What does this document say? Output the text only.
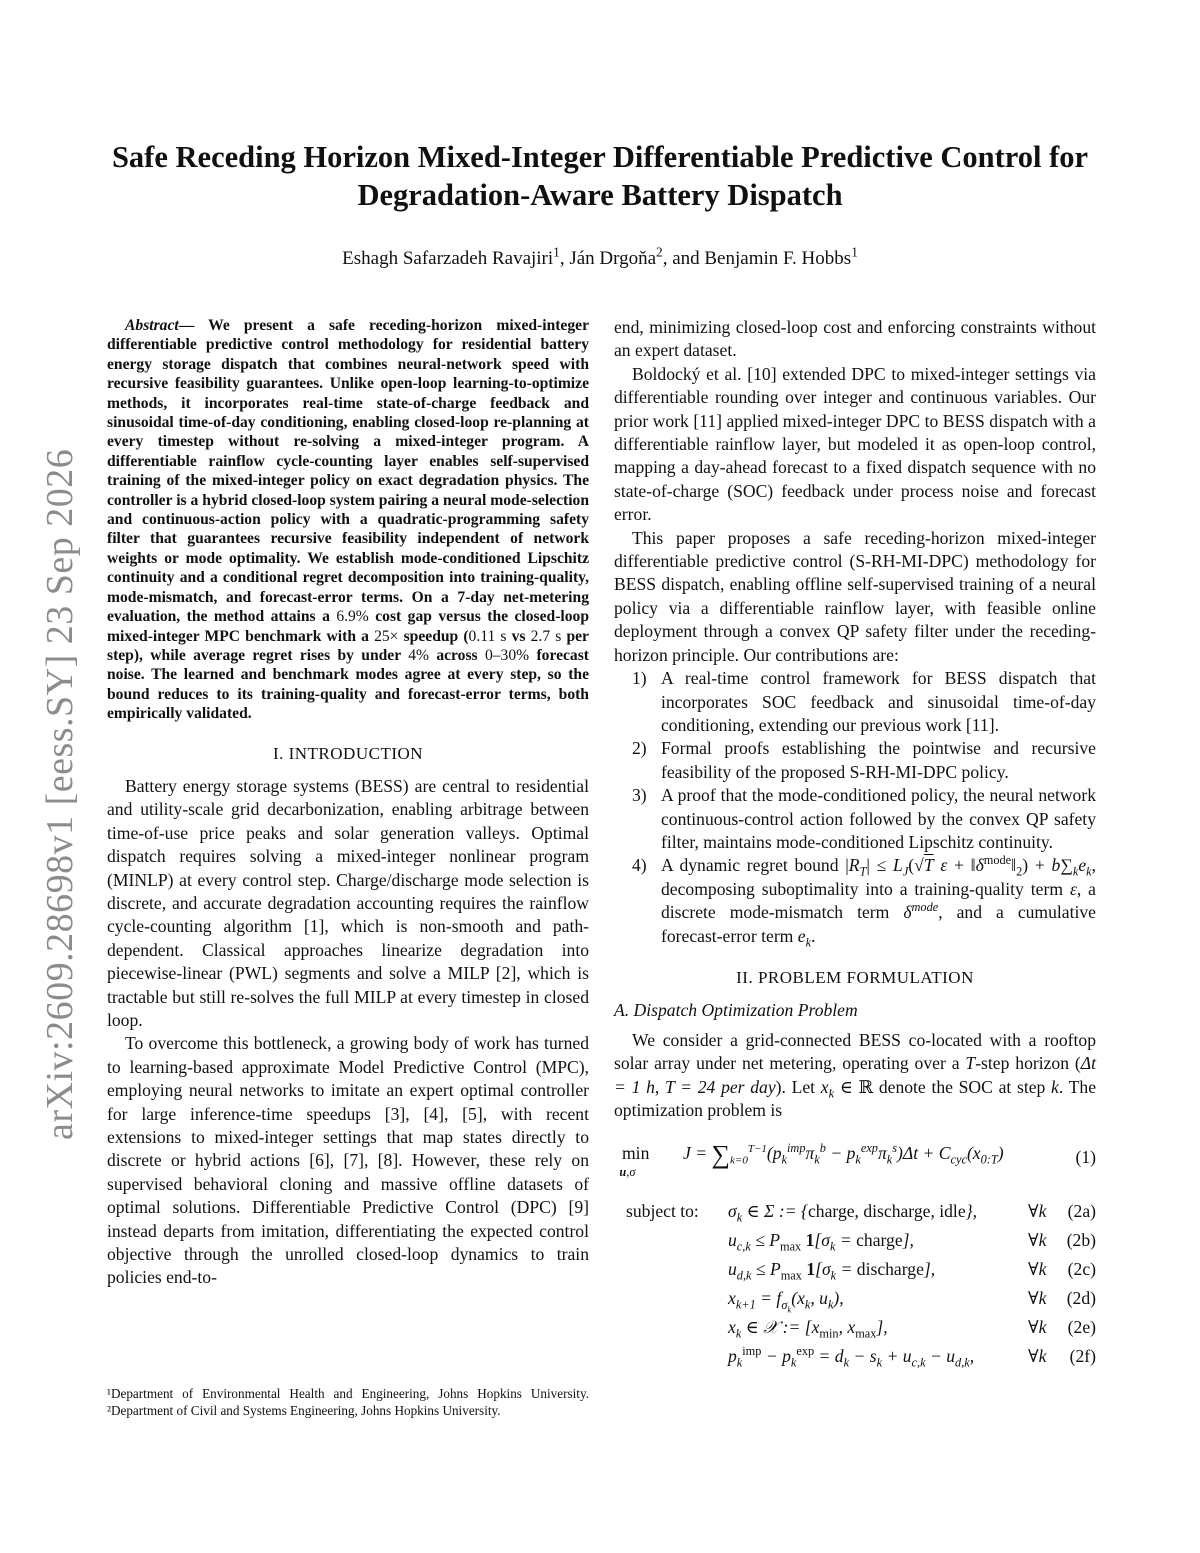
arXiv:2609.28698v1 [eess.SY] 23 Sep 2026
Safe Receding Horizon Mixed-Integer Differentiable Predictive Control for Degradation-Aware Battery Dispatch
Eshagh Safarzadeh Ravajiri$^1$, Ján Drgoňa$^2$, and Benjamin F. Hobbs$^1$

Abstract— We present a safe receding-horizon mixed-integer differentiable predictive control methodology for residential battery energy storage dispatch that combines neural-network speed with recursive feasibility guarantees. Unlike open-loop learning-to-optimize methods, it incorporates real-time state-of-charge feedback and sinusoidal time-of-day conditioning, enabling closed-loop re-planning at every timestep without re-solving a mixed-integer program. A differentiable rainflow cycle-counting layer enables self-supervised training of the mixed-integer policy on exact degradation physics. The controller is a hybrid closed-loop system pairing a neural mode-selection and continuous-action policy with a quadratic-programming safety filter that guarantees recursive feasibility independent of network weights or mode optimality. We establish mode-conditioned Lipschitz continuity and a conditional regret decomposition into training-quality, mode-mismatch, and forecast-error terms. On a 7-day net-metering evaluation, the method attains a 6.9% cost gap versus the closed-loop mixed-integer MPC benchmark with a 25× speedup (0.11 s vs 2.7 s per step), while average regret rises by under 4% across 0–30% forecast noise. The learned and benchmark modes agree at every step, so the bound reduces to its training-quality and forecast-error terms, both empirically validated.

I. INTRODUCTION

Battery energy storage systems (BESS) are central to residential and utility-scale grid decarbonization, enabling arbitrage between time-of-use price peaks and solar generation valleys. Optimal dispatch requires solving a mixed-integer nonlinear program (MINLP) at every control step. Charge/discharge mode selection is discrete, and accurate degradation accounting requires the rainflow cycle-counting algorithm [1], which is non-smooth and path-dependent. Classical approaches linearize degradation into piecewise-linear (PWL) segments and solve a MILP [2], which is tractable but still re-solves the full MILP at every timestep in closed loop.

To overcome this bottleneck, a growing body of work has turned to learning-based approximate Model Predictive Control (MPC), employing neural networks to imitate an expert optimal controller for large inference-time speedups [3], [4], [5], with recent extensions to mixed-integer settings that map states directly to discrete or hybrid actions [6], [7], [8]. However, these rely on supervised behavioral cloning and massive offline datasets of optimal solutions. Differentiable Predictive Control (DPC) [9] instead departs from imitation, differentiating the expected control objective through the unrolled closed-loop dynamics to train policies end-to-

end, minimizing closed-loop cost and enforcing constraints without an expert dataset.

Boldocký et al. [10] extended DPC to mixed-integer settings via differentiable rounding over integer and continuous variables. Our prior work [11] applied mixed-integer DPC to BESS dispatch with a differentiable rainflow layer, but modeled it as open-loop control, mapping a day-ahead forecast to a fixed dispatch sequence with no state-of-charge (SOC) feedback under process noise and forecast error.

This paper proposes a safe receding-horizon mixed-integer differentiable predictive control (S-RH-MI-DPC) methodology for BESS dispatch, enabling offline self-supervised training of a neural policy via a differentiable rainflow layer, with feasible online deployment through a convex QP safety filter under the receding-horizon principle. Our contributions are:

1) A real-time control framework for BESS dispatch that incorporates SOC feedback and sinusoidal time-of-day conditioning, extending our previous work [11].
2) Formal proofs establishing the pointwise and recursive feasibility of the proposed S-RH-MI-DPC policy.
3) A proof that the mode-conditioned policy, the neural network continuous-control action followed by the convex QP safety filter, maintains mode-conditioned Lipschitz continuity.
4) A dynamic regret bound $|R_T| \le L_J(√T$ $\varepsilon + ‖\delta^{mode}‖_2) + b\sum_ke_k$, decomposing suboptimality into a training-quality term ε, a discrete mode-mismatch term $\delta^{mode}$, and a cumulative forecast-error term $e_k$.
II. PROBLEM FORMULATION
A. Dispatch Optimization Problem

We consider a grid-connected BESS co-located with a rooftop solar array under net metering, operating over a T-step horizon (Δt = 1 h, T = 24 per day). Let $x_k$ ∈ ℝ denote the SOC at step k. The optimization problem is

$\min_{u,\sigma}$    $J = \sum_{k=0}^{T-1}(p_k^{imp}\pi_k^b - p_k^{exp}\pi_k^s)\Delta t + C_{cyc}(x_{0:T})$	(1)
subject to: $\sigma_k$ ∈ Σ := {charge, discharge, idle},	∀k (2a)
$u_{c,k} \le P_{max}$ $1[\sigma_k$ = charge],	∀k (2b)
$u_{d,k} \le P_{max}$ $1[\sigma_k$ = discharge],	∀k (2c)
$x_{k+1} = f_{\sigma_k}(x_k$, $u_k$),	∀k (2d)
$x_k$ ∈ 𝒳 := [$x_{min}$, $x_{max}$],	∀k (2e)
$p_k^{imp} - p_k^{exp} = d_k - s_k + u_{c,k} - u_{d,k}$,	∀k (2f)
¹Department of Environmental Health and Engineering, Johns Hopkins University. ²Department of Civil and Systems Engineering, Johns Hopkins University.
